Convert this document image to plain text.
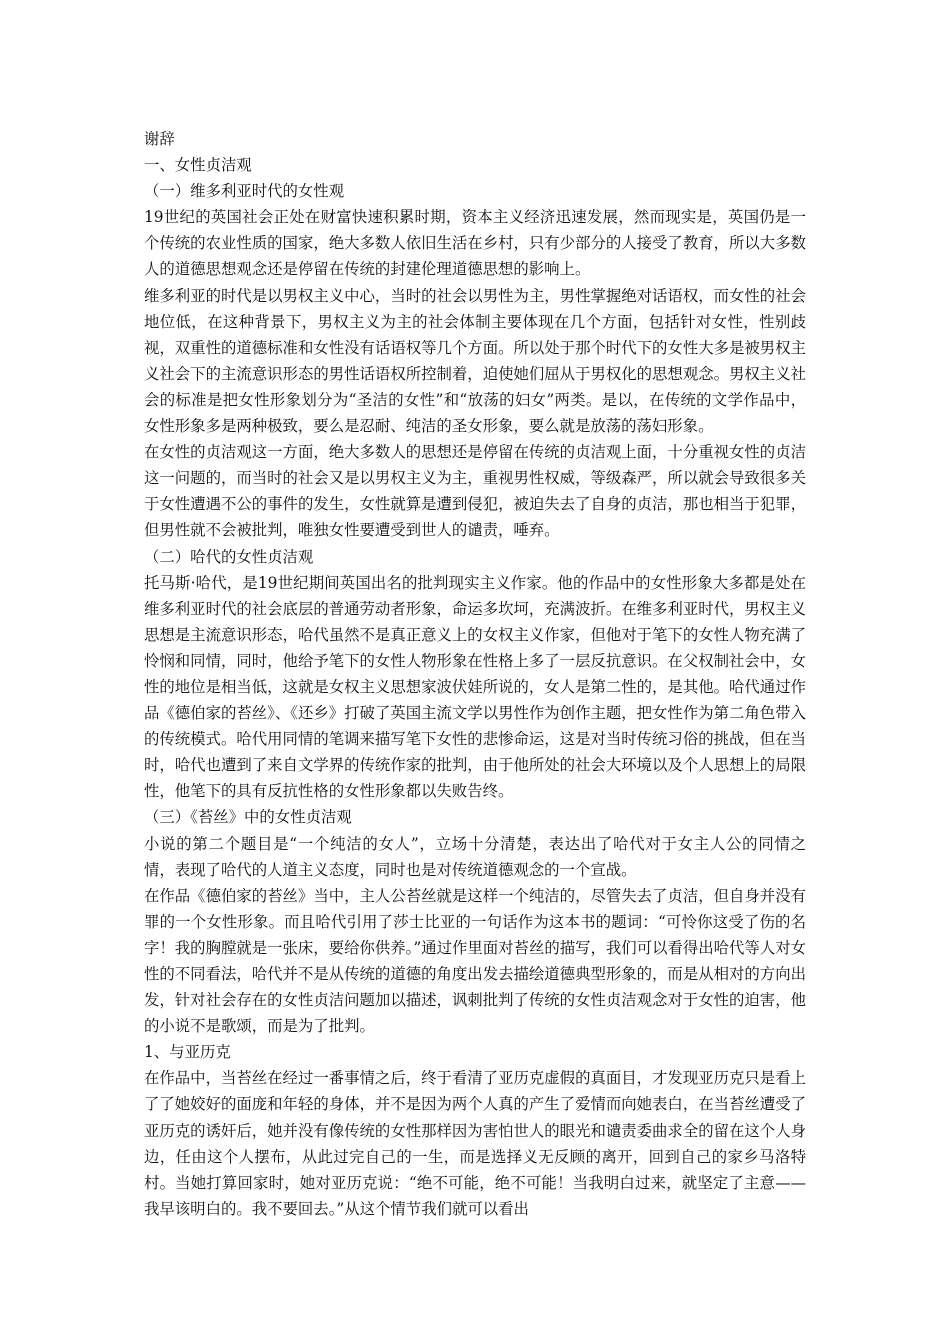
谢辞

一、女性贞洁观

（一）维多利亚时代的女性观

19世纪的英国社会正处在财富快速积累时期，资本主义经济迅速发展，然而现实是，英国仍是一个传统的农业性质的国家，绝大多数人依旧生活在乡村，只有少部分的人接受了教育，所以大多数人的道德思想观念还是停留在传统的封建伦理道德思想的影响上。

维多利亚的时代是以男权主义中心，当时的社会以男性为主，男性掌握绝对话语权，而女性的社会地位低，在这种背景下，男权主义为主的社会体制主要体现在几个方面，包括针对女性，性别歧视，双重性的道德标准和女性没有话语权等几个方面。所以处于那个时代下的女性大多是被男权主义社会下的主流意识形态的男性话语权所控制着，迫使她们屈从于男权化的思想观念。男权主义社会的标准是把女性形象划分为“圣洁的女性”和“放荡的妇女”两类。是以，在传统的文学作品中，女性形象多是两种极致，要么是忍耐、纯洁的圣女形象，要么就是放荡的荡妇形象。

在女性的贞洁观这一方面，绝大多数人的思想还是停留在传统的贞洁观上面，十分重视女性的贞洁这一问题的，而当时的社会又是以男权主义为主，重视男性权威，等级森严，所以就会导致很多关于女性遭遇不公的事件的发生，女性就算是遭到侵犯，被迫失去了自身的贞洁，那也相当于犯罪，但男性就不会被批判，唯独女性要遭受到世人的谴责，唾弃。

（二）哈代的女性贞洁观

托马斯·哈代，是19世纪期间英国出名的批判现实主义作家。他的作品中的女性形象大多都是处在维多利亚时代的社会底层的普通劳动者形象，命运多坎坷，充满波折。在维多利亚时代，男权主义思想是主流意识形态，哈代虽然不是真正意义上的女权主义作家，但他对于笔下的女性人物充满了怜悯和同情，同时，他给予笔下的女性人物形象在性格上多了一层反抗意识。在父权制社会中，女性的地位是相当低，这就是女权主义思想家波伏娃所说的，女人是第二性的，是其他。哈代通过作品《德伯家的苔丝》、《还乡》打破了英国主流文学以男性作为创作主题，把女性作为第二角色带入的传统模式。哈代用同情的笔调来描写笔下女性的悲惨命运，这是对当时传统习俗的挑战，但在当时，哈代也遭到了来自文学界的传统作家的批判，由于他所处的社会大环境以及个人思想上的局限性，他笔下的具有反抗性格的女性形象都以失败告终。

（三）《苔丝》中的女性贞洁观

小说的第二个题目是“一个纯洁的女人”，立场十分清楚，表达出了哈代对于女主人公的同情之情，表现了哈代的人道主义态度，同时也是对传统道德观念的一个宣战。

在作品《德伯家的苔丝》当中，主人公苔丝就是这样一个纯洁的，尽管失去了贞洁，但自身并没有罪的一个女性形象。而且哈代引用了莎士比亚的一句话作为这本书的题词：“可怜你这受了伤的名字！我的胸膛就是一张床，要给你供养。”通过作里面对苔丝的描写，我们可以看得出哈代等人对女性的不同看法，哈代并不是从传统的道德的角度出发去描绘道德典型形象的，而是从相对的方向出发，针对社会存在的女性贞洁问题加以描述，讽刺批判了传统的女性贞洁观念对于女性的迫害，他的小说不是歌颂，而是为了批判。

1、与亚历克

在作品中，当苔丝在经过一番事情之后，终于看清了亚历克虚假的真面目，才发现亚历克只是看上了了她姣好的面庞和年轻的身体，并不是因为两个人真的产生了爱情而向她表白，在当苔丝遭受了亚历克的诱奸后，她并没有像传统的女性那样因为害怕世人的眼光和谴责委曲求全的留在这个人身边，任由这个人摆布，从此过完自己的一生，而是选择义无反顾的离开，回到自己的家乡马洛特村。当她打算回家时，她对亚历克说：“绝不可能，绝不可能！当我明白过来，就坚定了主意——我早该明白的。我不要回去。”从这个情节我们就可以看出
